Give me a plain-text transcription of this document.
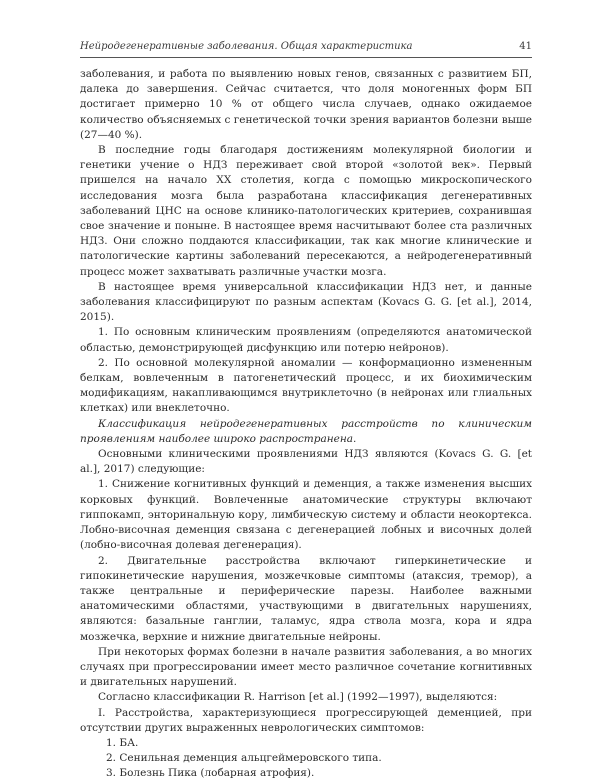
Нейродегенеративные заболевания. Общая характеристика	41

заболевания, и работа по выявлению новых генов, связанных с развитием БП, далека до завершения. Сейчас считается, что доля моногенных форм БП достигает примерно 10 % от общего числа случаев, однако ожидаемое количество объясняемых с генетической точки зрения вариантов болезни выше (27—40 %).

В последние годы благодаря достижениям молекулярной биологии и генетики учение о НДЗ переживает свой второй «золотой век». Первый пришелся на начало XX столетия, когда с помощью микроскопического исследования мозга была разработана классификация дегенеративных заболеваний ЦНС на основе клинико-патологических критериев, сохранившая свое значение и поныне. В настоящее время насчитывают более ста различных НДЗ. Они сложно поддаются классификации, так как многие клинические и патологические картины заболеваний пересекаются, а нейродегенеративный процесс может захватывать различные участки мозга.

В настоящее время универсальной классификации НДЗ нет, и данные заболевания классифицируют по разным аспектам (Kovacs G. G. [et al.], 2014, 2015).

1. По основным клиническим проявлениям (определяются анатомической областью, демонстрирующей дисфункцию или потерю нейронов).

2. По основной молекулярной аномалии — конформационно измененным белкам, вовлеченным в патогенетический процесс, и их биохимическим модификациям, накапливающимся внутриклеточно (в нейронах или глиальных клетках) или внеклеточно.

Классификация нейродегенеративных расстройств по клиническим проявлениям наиболее широко распространена.

Основными клиническими проявлениями НДЗ являются (Kovacs G. G. [et al.], 2017) следующие:

1. Снижение когнитивных функций и деменция, а также изменения высших корковых функций. Вовлеченные анатомические структуры включают гиппокамп, энторинальную кору, лимбическую систему и области неокортекса. Лобно-височная деменция связана с дегенерацией лобных и височных долей (лобно-височная долевая дегенерация).

2. Двигательные расстройства включают гиперкинетические и гипокинетические нарушения, мозжечковые симптомы (атаксия, тремор), а также центральные и периферические парезы. Наиболее важными анатомическими областями, участвующими в двигательных нарушениях, являются: базальные ганглии, таламус, ядра ствола мозга, кора и ядра мозжечка, верхние и нижние двигательные нейроны.

При некоторых формах болезни в начале развития заболевания, а во многих случаях при прогрессировании имеет место различное сочетание когнитивных и двигательных нарушений.

Согласно классификации R. Harrison [et al.] (1992—1997), выделяются:

I. Расстройства, характеризующиеся прогрессирующей деменцией, при отсутствии других выраженных неврологических симптомов:

1. БА.
2. Сенильная деменция альцгеймеровского типа.
3. Болезнь Пика (лобарная атрофия).
